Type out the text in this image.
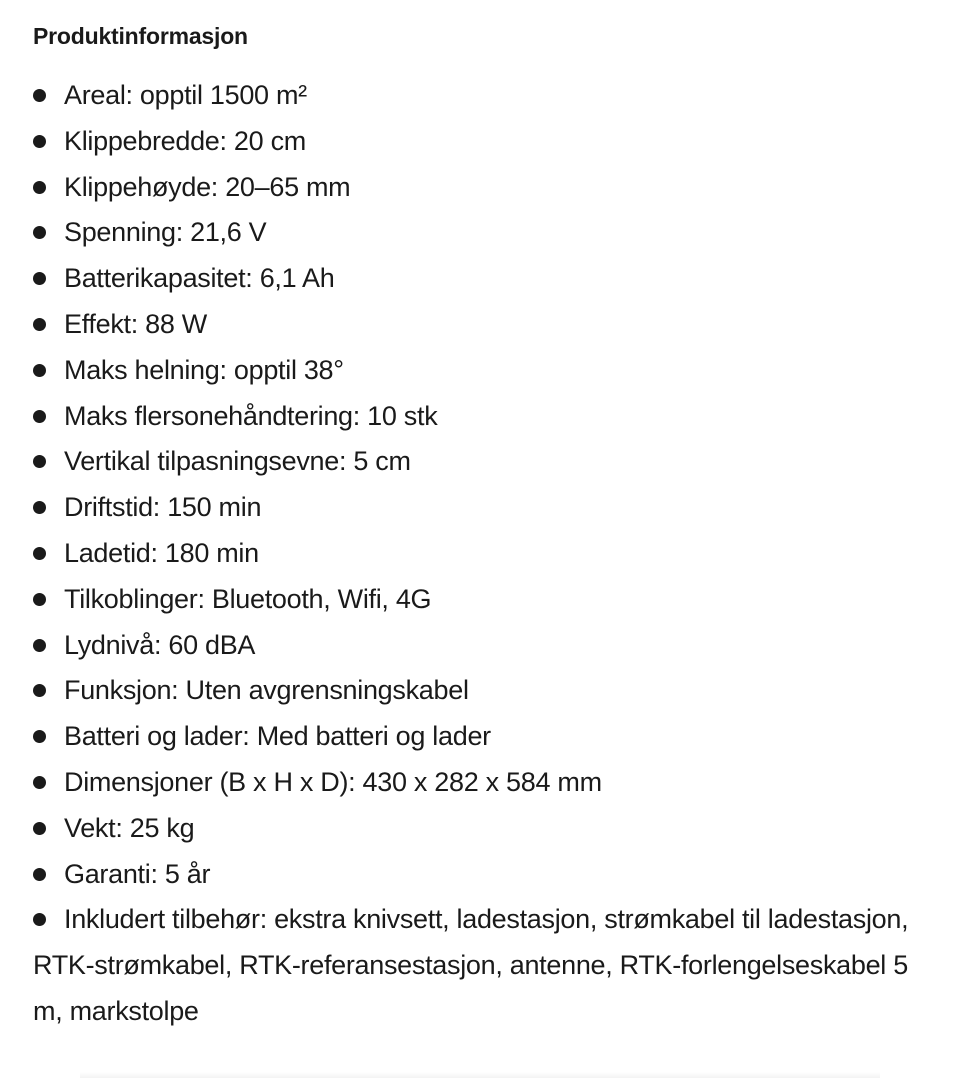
Produktinformasjon
Areal: opptil 1500 m²
Klippebredde: 20 cm
Klippehøyde: 20–65 mm
Spenning: 21,6 V
Batterikapasitet: 6,1 Ah
Effekt: 88 W
Maks helning: opptil 38°
Maks flersonehåndtering: 10 stk
Vertikal tilpasningsevne: 5 cm
Driftstid: 150 min
Ladetid: 180 min
Tilkoblinger: Bluetooth, Wifi, 4G
Lydnivå: 60 dBA
Funksjon: Uten avgrensningskabel
Batteri og lader: Med batteri og lader
Dimensjoner (B x H x D): 430 x 282 x 584 mm
Vekt: 25 kg
Garanti: 5 år
Inkludert tilbehør: ekstra knivsett, ladestasjon, strømkabel til ladestasjon, RTK-strømkabel, RTK-referansestasjon, antenne, RTK-forlengelseskabel 5 m, markstolpe
